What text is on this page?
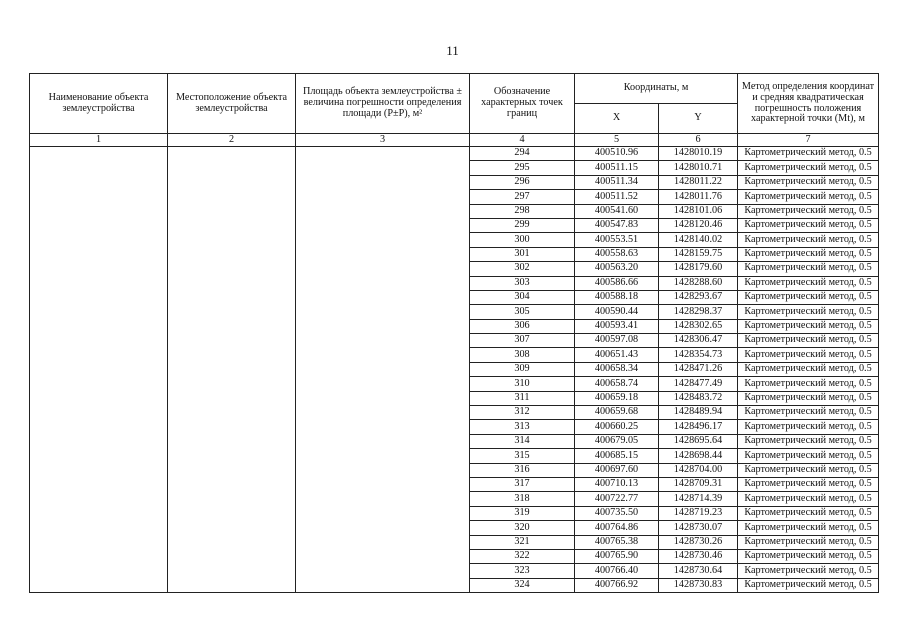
11
Наименование объекта землеустройства	Местоположение объекта землеустройства	Площадь объекта землеустройства ± величина погрешности определения площади (Р±P), м²	Обозначение характерных точек границ	Координаты, м		Метод определения координат и средняя квадратическая погрешность положения характерной точки (Mt), м
				X	Y	
1	2	3	4	5	6	7
			294	400510.96	1428010.19	Картометрический метод, 0.5
			295	400511.15	1428010.71	Картометрический метод, 0.5
			296	400511.34	1428011.22	Картометрический метод, 0.5
			297	400511.52	1428011.76	Картометрический метод, 0.5
			298	400541.60	1428101.06	Картометрический метод, 0.5
			299	400547.83	1428120.46	Картометрический метод, 0.5
			300	400553.51	1428140.02	Картометрический метод, 0.5
			301	400558.63	1428159.75	Картометрический метод, 0.5
			302	400563.20	1428179.60	Картометрический метод, 0.5
			303	400586.66	1428288.60	Картометрический метод, 0.5
			304	400588.18	1428293.67	Картометрический метод, 0.5
			305	400590.44	1428298.37	Картометрический метод, 0.5
			306	400593.41	1428302.65	Картометрический метод, 0.5
			307	400597.08	1428306.47	Картометрический метод, 0.5
			308	400651.43	1428354.73	Картометрический метод, 0.5
			309	400658.34	1428471.26	Картометрический метод, 0.5
			310	400658.74	1428477.49	Картометрический метод, 0.5
			311	400659.18	1428483.72	Картометрический метод, 0.5
			312	400659.68	1428489.94	Картометрический метод, 0.5
			313	400660.25	1428496.17	Картометрический метод, 0.5
			314	400679.05	1428695.64	Картометрический метод, 0.5
			315	400685.15	1428698.44	Картометрический метод, 0.5
			316	400697.60	1428704.00	Картометрический метод, 0.5
			317	400710.13	1428709.31	Картометрический метод, 0.5
			318	400722.77	1428714.39	Картометрический метод, 0.5
			319	400735.50	1428719.23	Картометрический метод, 0.5
			320	400764.86	1428730.07	Картометрический метод, 0.5
			321	400765.38	1428730.26	Картометрический метод, 0.5
			322	400765.90	1428730.46	Картометрический метод, 0.5
			323	400766.40	1428730.64	Картометрический метод, 0.5
			324	400766.92	1428730.83	Картометрический метод, 0.5
